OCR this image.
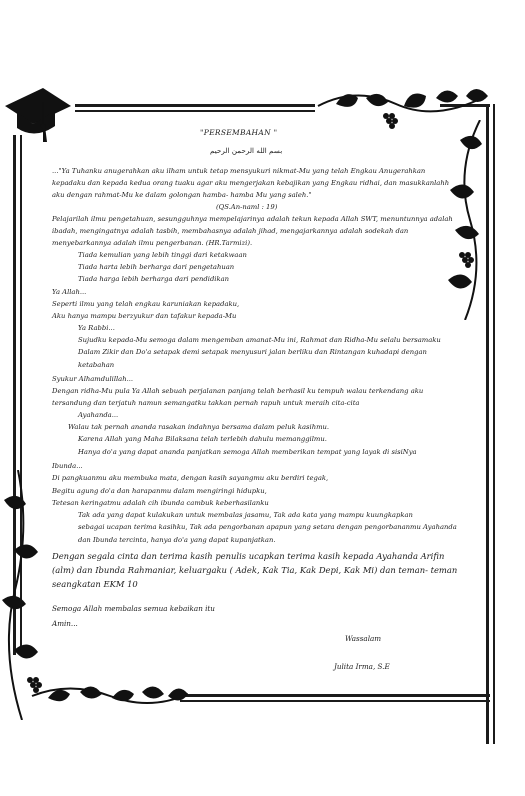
"PERSEMBAHAN "
بسم الله الرحمن الرحيم
..."Ya Tuhanku anugerahkan aku ilham untuk tetap mensyukuri nikmat-Mu yang telah Engkau Anugerahkan
kepadaku dan kepada kedua orang tuaku agar aku mengerjakan kebajikan yang Engkau ridhai, dan masukkanlahh
aku dengan rahmat-Mu ke dalam golongan hamba- hamba Mu yang saleh."
(QS.An-naml : 19)
Pelajarilah ilmu pengetahuan, sesungguhnya mempelajarinya adalah tekun kepada Allah SWT, menuntunnya adalah
ibadah, mengingatnya adalah tasbih, membahasnya adalah jihad, mengajarkannya adalah sodekah dan
menyebarkannya adalah ilmu pengerbanan. (HR.Tarmizi).
Tiada kemulian yang lebih tinggi dari ketakwaan
Tiada harta lebih berharga dari pengetahuan
Tiada harga lebih berharga dari pendidikan
Ya Allah...
Seperti ilmu yang telah engkau karuniakan kepadaku,
Aku hanya mampu berzyukur dan tafakur kepada-Mu
Ya Rabbi...
Sujudku kepada-Mu semoga dalam mengemban amanat-Mu ini, Rahmat dan Ridha-Mu selalu bersamaku
Dalam Zikir dan Do'a setapak demi setapak menyusuri jalan berliku dan Rintangan kuhadapi dengan
ketabahan
Syukur Alhamdulillah...
Dengan ridha-Mu pula Ya Allah sebuah perjalanan panjang telah berhasil ku tempuh walau terkendang aku
tersandung dan terjatuh namun semangatku takkan pernah rapuh untuk meraih cita-cita
Ayahanda...
Walau tak pernah ananda rasakan indahnya bersama dalam peluk kasihmu.
Karena Allah yang Maha Bilaksana telah terlebih dahulu memanggilmu.
Hanya do'a yang dapat ananda panjatkan semoga Allah memberikan tempat yang layak di sisiNya
Ibunda...
Di pangkuanmu aku membuka mata, dengan kasih sayangmu aku berdiri tegak,
Begitu agung do'a dan harapanmu dalam mengiringi hidupku,
Tetesan keringatmu adalah cih ibunda cambuk keberhasilanku
Tak ada yang dapat kulakukan untuk membalas jasamu, Tak ada kata yang mampu kuungkapkan
sebagai ucapan terima kasihku, Tak ada pengorbanan apapun yang setara dengan pengorbananmu Ayahanda
dan Ibunda tercinta, hanya do'a yang dapat kupanjatkan.
Dengan segala cinta dan terima kasih penulis ucapkan terima kasih kepada Ayahanda Arifin
(alm) dan Ibunda Rahmaniar, keluargaku ( Adek, Kak Tia, Kak Depi, Kak Mi) dan teman- teman
seangkatan EKM 10
Semoga Allah membalas semua kebaikan itu
Amin...
Wassalam
Julita Irma, S.E
